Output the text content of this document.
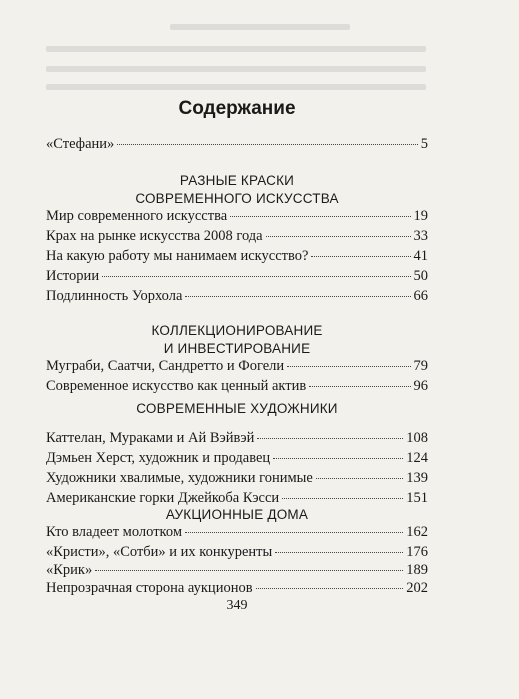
Содержание
«Стефани»	5
РАЗНЫЕ КРАСКИ
СОВРЕМЕННОГО ИСКУССТВА
Мир современного искусства	19
Крах на рынке искусства 2008 года	33
На какую работу мы нанимаем искусство?	41
Истории	50
Подлинность Уорхола	66
КОЛЛЕКЦИОНИРОВАНИЕ
И ИНВЕСТИРОВАНИЕ
Муграби, Саатчи, Сандретто и Фогели	79
Современное искусство как ценный актив	96
СОВРЕМЕННЫЕ ХУДОЖНИКИ
Каттелан, Мураками и Ай Вэйвэй	108
Дэмьен Херст, художник и продавец	124
Художники хвалимые, художники гонимые	139
Американские горки Джейкоба Кэсси	151
АУКЦИОННЫЕ ДОМА
Кто владеет молотком	162
«Кристи», «Сотби» и их конкуренты	176
«Крик»	189
Непрозрачная сторона аукционов	202
349
